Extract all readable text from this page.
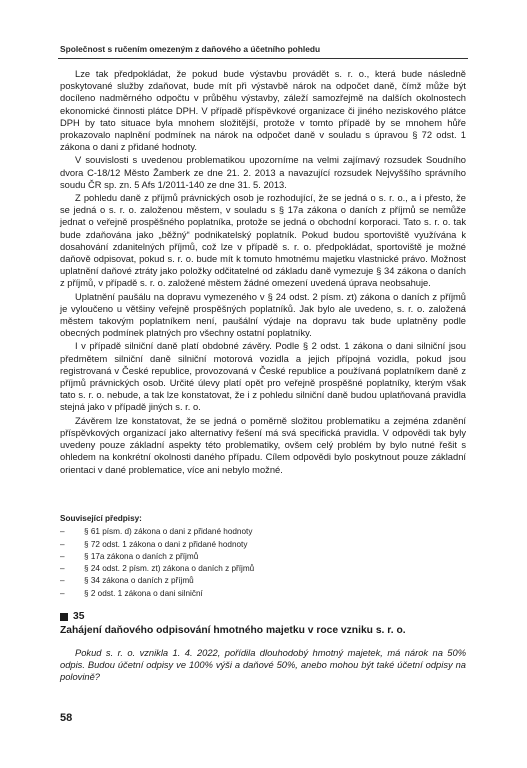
Společnost s ručením omezeným z daňového a účetního pohledu

Lze tak předpokládat, že pokud bude výstavbu provádět s. r. o., která bude následně poskytované služby zdaňovat, bude mít při výstavbě nárok na odpočet daně, čímž může být docíleno nadměrného odpočtu v průběhu výstavby, záleží samozřejmě na dalších okolnostech ekonomické činnosti plátce DPH. V případě příspěvkové organizace či jiného neziskového plátce DPH by tato situace byla mnohem složitější, protože v tomto případě by se mnohem hůře prokazovalo naplnění podmínek na nárok na odpočet daně v souladu s úpravou § 72 odst. 1 zákona o dani z přidané hodnoty.

V souvislosti s uvedenou problematikou upozorníme na velmi zajímavý rozsudek Soudního dvora C-18/12 Město Žamberk ze dne 21. 2. 2013 a navazující rozsudek Nejvyššího správního soudu ČR sp. zn. 5 Afs 1/2011-140 ze dne 31. 5. 2013.

Z pohledu daně z příjmů právnických osob je rozhodující, že se jedná o s. r. o., a i přesto, že se jedná o s. r. o. založenou městem, v souladu s § 17a zákona o daních z příjmů se nemůže jednat o veřejně prospěšného poplatníka, protože se jedná o obchodní korporaci. Tato s. r. o. tak bude zdaňována jako „běžný“ podnikatelský poplatník. Pokud budou sportoviště využívána k dosahování zdanitelných příjmů, což lze v případě s. r. o. předpokládat, sportoviště je možné daňově odpisovat, pokud s. r. o. bude mít k tomuto hmotnému majetku vlastnické právo. Možnost uplatnění daňové ztráty jako položky odčitatelné od základu daně vymezuje § 34 zákona o daních z příjmů, v případě s. r. o. založené městem žádné omezení uvedená úprava neobsahuje.

Uplatnění paušálu na dopravu vymezeného v § 24 odst. 2 písm. zt) zákona o daních z příjmů je vyloučeno u většiny veřejně prospěšných poplatníků. Jak bylo ale uvedeno, s. r. o. založená městem takovým poplatníkem není, paušální výdaje na dopravu tak bude uplatněny podle obecných podmínek platných pro všechny ostatní poplatníky.

I v případě silniční daně platí obdobné závěry. Podle § 2 odst. 1 zákona o dani silniční jsou předmětem silniční daně silniční motorová vozidla a jejich přípojná vozidla, pokud jsou registrovaná v České republice, provozovaná v České republice a používaná poplatníkem daně z příjmů právnických osob. Určité úlevy platí opět pro veřejně prospěšné poplatníky, kterým však tato s. r. o. nebude, a tak lze konstatovat, že i z pohledu silniční daně budou uplatňovaná pravidla stejná jako v případě jiných s. r. o.

Závěrem lze konstatovat, že se jedná o poměrně složitou problematiku a zejména zdanění příspěvkových organizací jako alternativy řešení má svá specifická pravidla. V odpovědi tak byly uvedeny pouze základní aspekty této problematiky, ovšem celý problém by bylo nutné řešit s ohledem na konkrétní okolnosti daného případu. Cílem odpovědi bylo poskytnout pouze základní orientaci v dané problematice, více ani nebylo možné.

Související předpisy:
–	§ 61 písm. d) zákona o dani z přidané hodnoty
–	§ 72 odst. 1 zákona o dani z přidané hodnoty
–	§ 17a zákona o daních z příjmů
–	§ 24 odst. 2 písm. zt) zákona o daních z příjmů
–	§ 34 zákona o daních z příjmů
–	§ 2 odst. 1 zákona o dani silniční
35
Zahájení daňového odpisování hmotného majetku v roce vzniku s. r. o.
Pokud s. r. o. vznikla 1. 4. 2022, pořídila dlouhodobý hmotný majetek, má nárok na 50% odpis. Budou účetní odpisy ve 100% výši a daňové 50%, anebo mohou být také účetní odpisy na polovině?
58
